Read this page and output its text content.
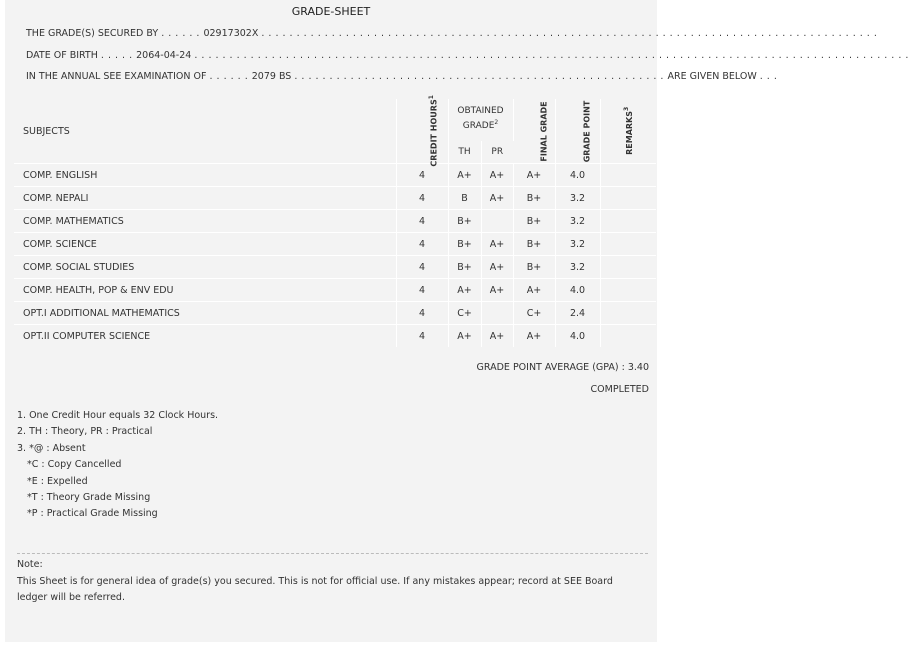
GRADE-SHEET
THE GRADE(S) SECURED BY . . . . . . 02917302X . . . . . . . . . . . . . . . . . . . . . . . . . . . . . . . . . . . . . . . . . . . . . . . . . . . . . . . . . . . . . . . . . . . . . . . . . . . . . . . . . . . . . . . .
DATE OF BIRTH . . . . . 2064-04-24 . . . . . . . . . . . . . . . . . . . . . . . . . . . . . . . . . . . . . . . . . . . . . . . . . . . . . . . . . . . . . . . . . . . . . . . . . . . . . . . . . . . . . . . . . . . . . . . . . . . . . .
IN THE ANNUAL SEE EXAMINATION OF . . . . . . 2079 BS . . . . . . . . . . . . . . . . . . . . . . . . . . . . . . . . . . . . . . . . . . . . . . . . . . . . . ARE GIVEN BELOW . . .
SUBJECTS	CREDIT HOURS$^1$	OBTAINED GRADE$^2$		FINAL GRADE	GRADE POINT	REMARKS$^3$
		TH	PR			
COMP. ENGLISH	4	A+	A+	A+	4.0	
COMP. NEPALI	4	B	A+	B+	3.2	
COMP. MATHEMATICS	4	B+		B+	3.2	
COMP. SCIENCE	4	B+	A+	B+	3.2	
COMP. SOCIAL STUDIES	4	B+	A+	B+	3.2	
COMP. HEALTH, POP & ENV EDU	4	A+	A+	A+	4.0	
OPT.I ADDITIONAL MATHEMATICS	4	C+		C+	2.4	
OPT.II COMPUTER SCIENCE	4	A+	A+	A+	4.0	
GRADE POINT AVERAGE (GPA) : 3.40
COMPLETED
1. One Credit Hour equals 32 Clock Hours.
2. TH : Theory, PR : Practical
3. *@ : Absent
*C : Copy Cancelled
*E : Expelled
*T : Theory Grade Missing
*P : Practical Grade Missing
Note:
This Sheet is for general idea of grade(s) you secured. This is not for official use. If any mistakes appear; record at SEE Board ledger will be referred.
